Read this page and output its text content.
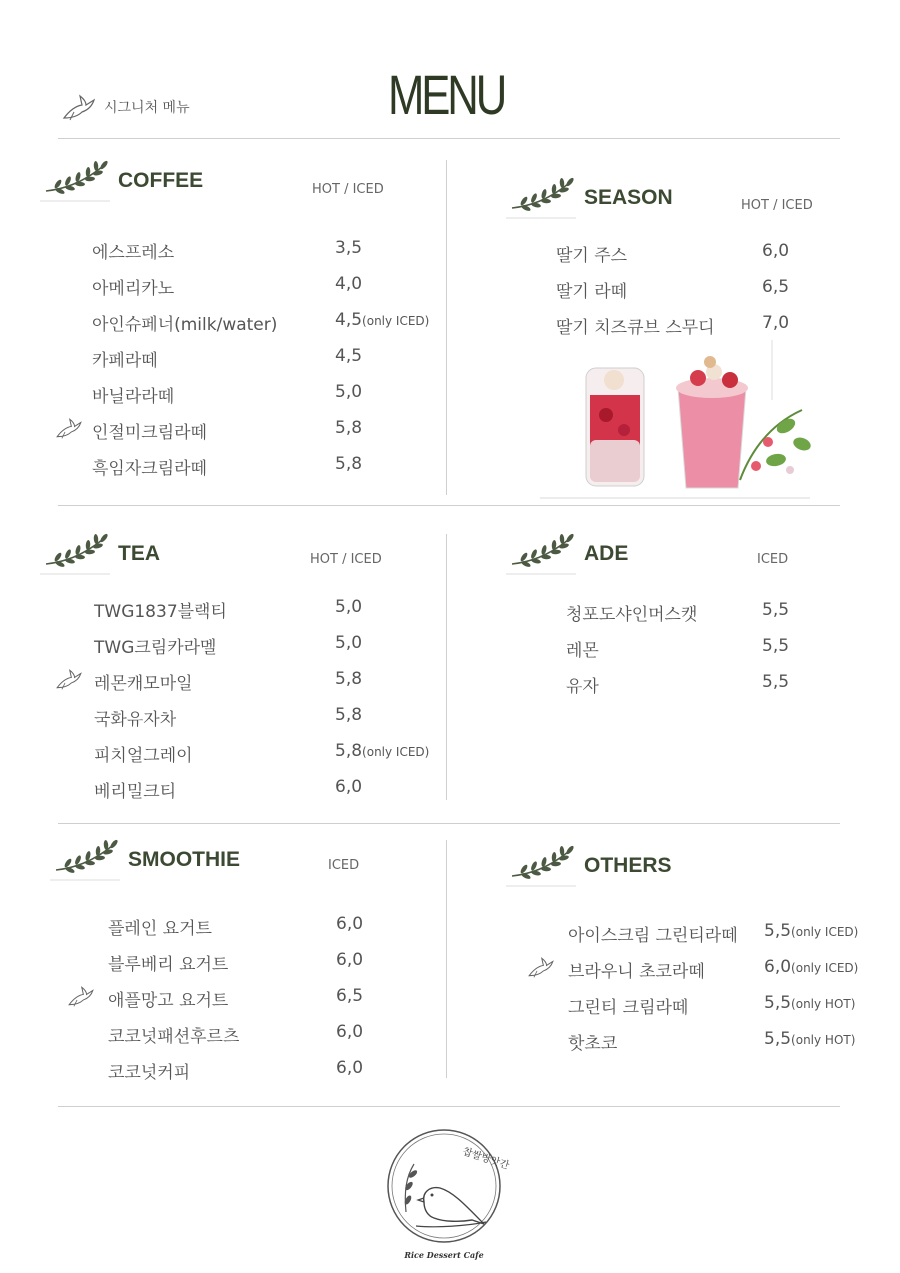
시그니처 메뉴	MENU
COFFEE	HOT / ICED
에스프레소	3,5
아메리카노	4,0
아인슈페너(milk/water)	4,5(only ICED)
카페라떼	4,5
바닐라라떼	5,0
인절미크림라떼	5,8
흑임자크림라떼	5,8
SEASON	HOT / ICED
딸기 주스	6,0
딸기 라떼	6,5
딸기 치즈큐브 스무디	7,0
TEA	HOT / ICED
TWG1837블랙티	5,0
TWG크림카라멜	5,0
레몬캐모마일	5,8
국화유자차	5,8
피치얼그레이	5,8(only ICED)
베리밀크티	6,0
ADE	ICED
청포도샤인머스캣	5,5
레몬	5,5
유자	5,5
SMOOTHIE	ICED
플레인 요거트	6,0
블루베리 요거트	6,0
애플망고 요거트	6,5
코코넛패션후르츠	6,0
코코넛커피	6,0
OTHERS
아이스크림 그린티라떼 5,5(only ICED)
브라우니 초코라떼	6,0(only ICED)
그린티 크림라떼	5,5(only HOT)
핫초코	5,5(only HOT)
찹쌀방앗간
Rice Dessert Cafe
